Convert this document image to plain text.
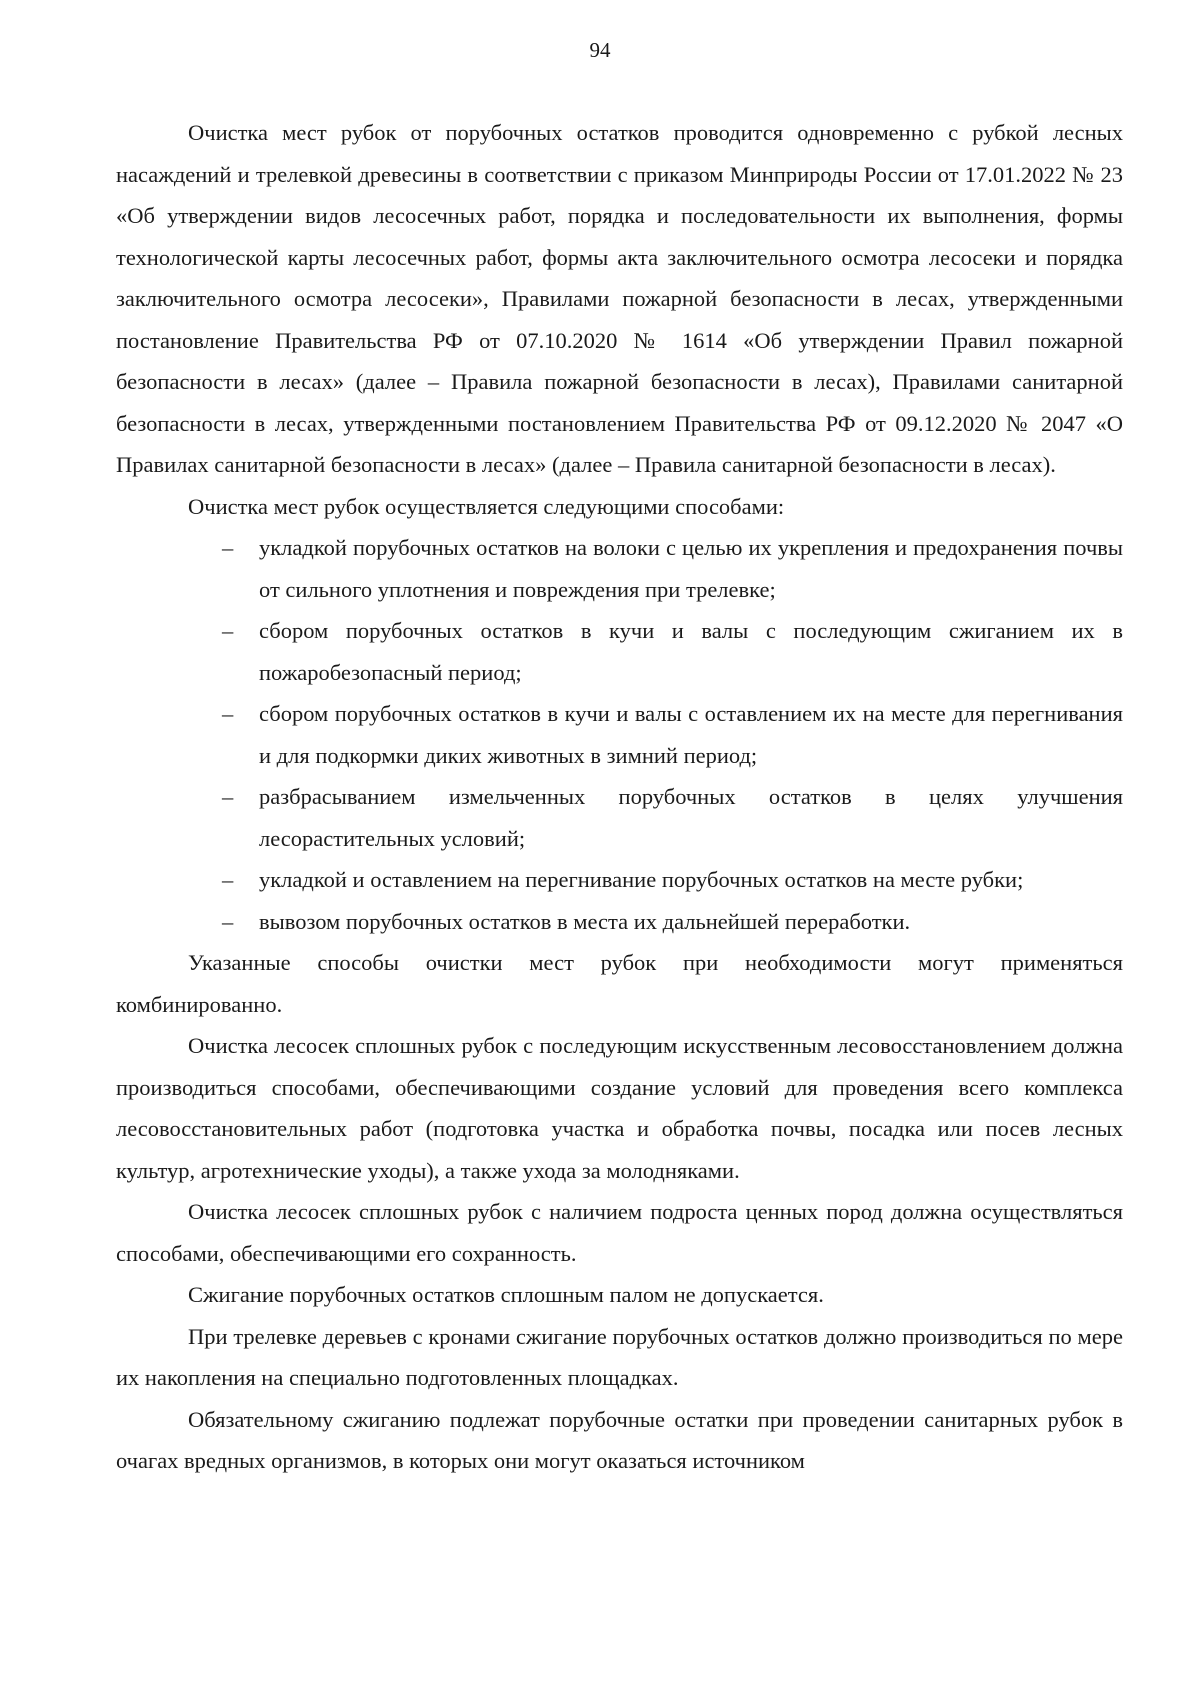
94

Очистка мест рубок от порубочных остатков проводится одновременно с рубкой лесных насаждений и трелевкой древесины в соответствии с приказом Минприроды России от 17.01.2022 № 23 «Об утверждении видов лесосечных работ, порядка и последовательности их выполнения, формы технологической карты лесосечных работ, формы акта заключительного осмотра лесосеки и порядка заключительного осмотра лесосеки», Правилами пожарной безопасности в лесах, утвержденными постановление Правительства РФ от 07.10.2020 № 1614 «Об утверждении Правил пожарной безопасности в лесах» (далее – Правила пожарной безопасности в лесах), Правилами санитарной безопасности в лесах, утвержденными постановлением Правительства РФ от 09.12.2020 № 2047 «О Правилах санитарной безопасности в лесах» (далее – Правила санитарной безопасности в лесах).

Очистка мест рубок осуществляется следующими способами:

– укладкой порубочных остатков на волоки с целью их укрепления и предохранения почвы от сильного уплотнения и повреждения при трелевке;
– сбором порубочных остатков в кучи и валы с последующим сжиганием их в пожаробезопасный период;
– сбором порубочных остатков в кучи и валы с оставлением их на месте для перегнивания и для подкормки диких животных в зимний период;
– разбрасыванием измельченных порубочных остатков в целях улучшения лесорастительных условий;
– укладкой и оставлением на перегнивание порубочных остатков на месте рубки;
– вывозом порубочных остатков в места их дальнейшей переработки.

Указанные способы очистки мест рубок при необходимости могут применяться комбинированно.

Очистка лесосек сплошных рубок с последующим искусственным лесовосстановлением должна производиться способами, обеспечивающими создание условий для проведения всего комплекса лесовосстановительных работ (подготовка участка и обработка почвы, посадка или посев лесных культур, агротехнические уходы), а также ухода за молодняками.

Очистка лесосек сплошных рубок с наличием подроста ценных пород должна осуществляться способами, обеспечивающими его сохранность.

Сжигание порубочных остатков сплошным палом не допускается.

При трелевке деревьев с кронами сжигание порубочных остатков должно производиться по мере их накопления на специально подготовленных площадках.

Обязательному сжиганию подлежат порубочные остатки при проведении санитарных рубок в очагах вредных организмов, в которых они могут оказаться источником
